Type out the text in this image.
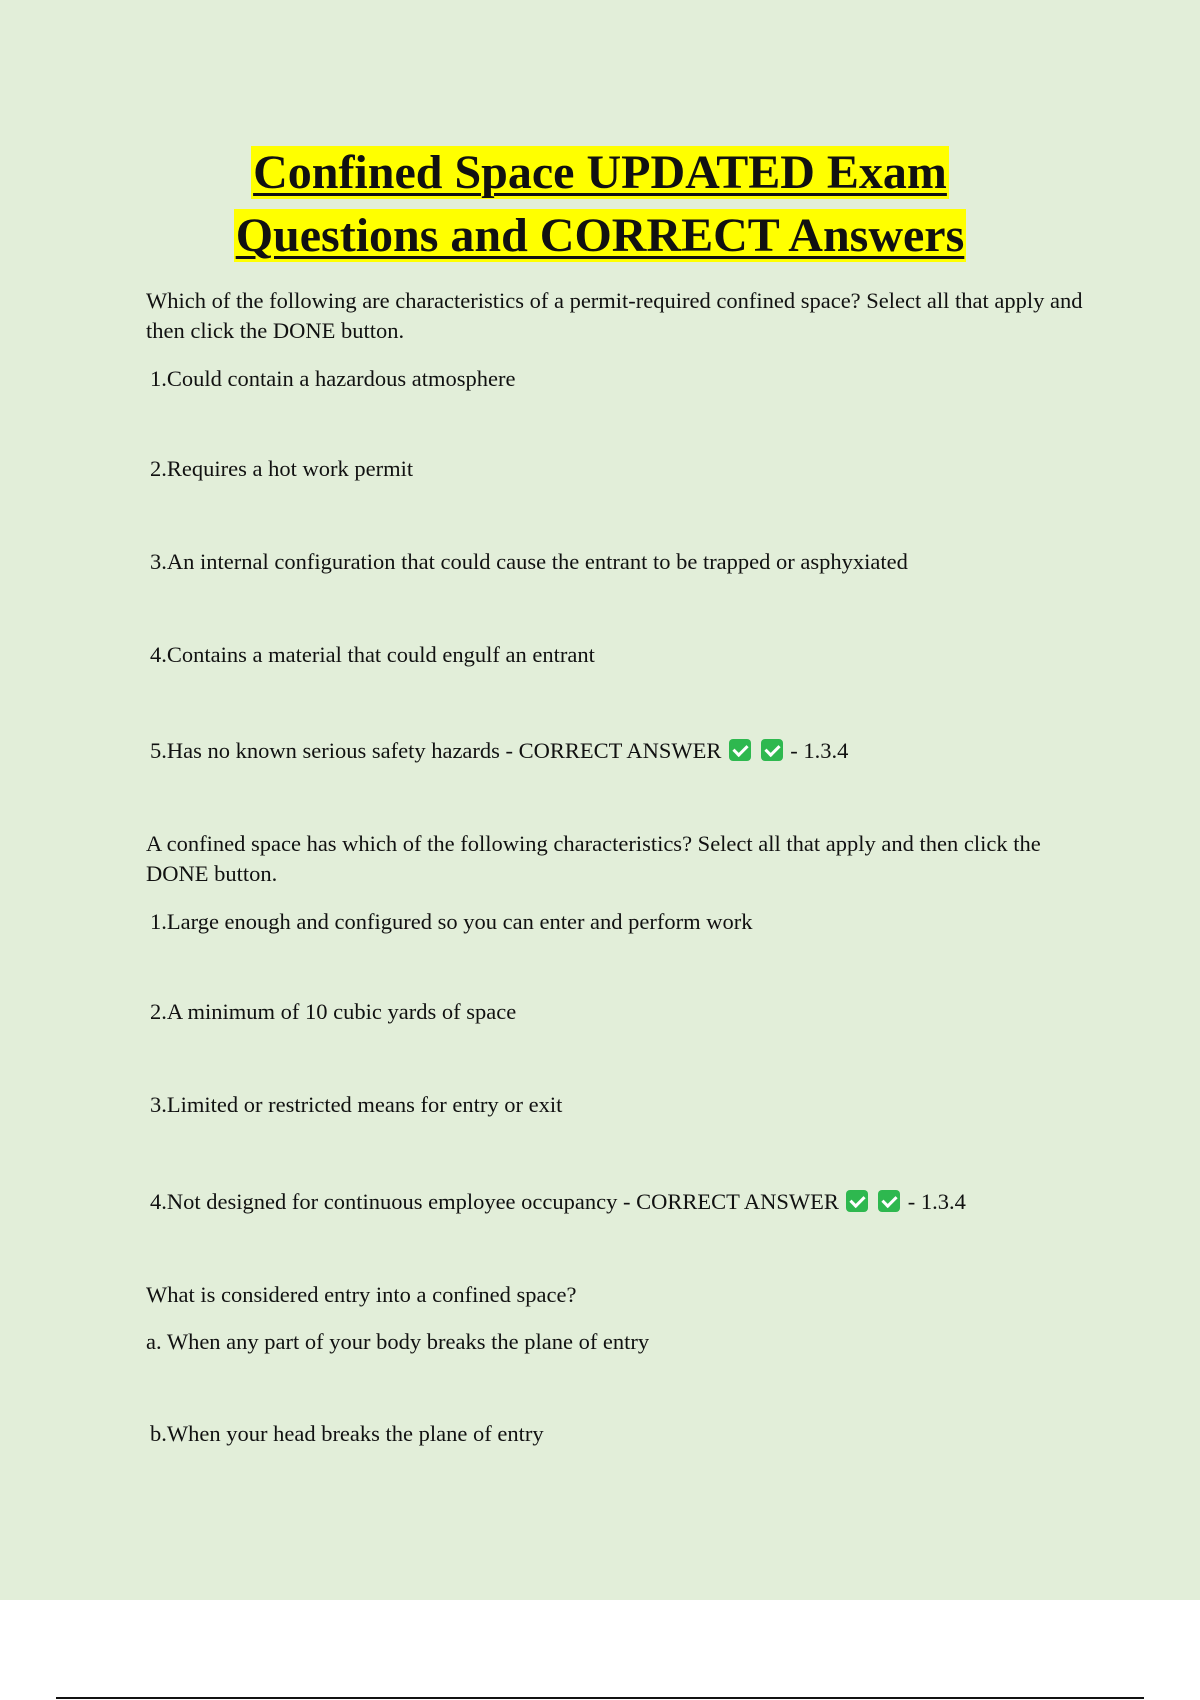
Confined Space UPDATED Exam
Questions and CORRECT Answers
Which of the following are characteristics of a permit-required confined space? Select all that apply and then click the DONE button.
1.Could contain a hazardous atmosphere
2.Requires a hot work permit
3.An internal configuration that could cause the entrant to be trapped or asphyxiated
4.Contains a material that could engulf an entrant
5.Has no known serious safety hazards - CORRECT ANSWER	- 1.3.4
A confined space has which of the following characteristics? Select all that apply and then click the DONE button.
1.Large enough and configured so you can enter and perform work
2.A minimum of 10 cubic yards of space
3.Limited or restricted means for entry or exit
4.Not designed for continuous employee occupancy - CORRECT ANSWER	- 1.3.4
What is considered entry into a confined space?
a. When any part of your body breaks the plane of entry
b.When your head breaks the plane of entry
